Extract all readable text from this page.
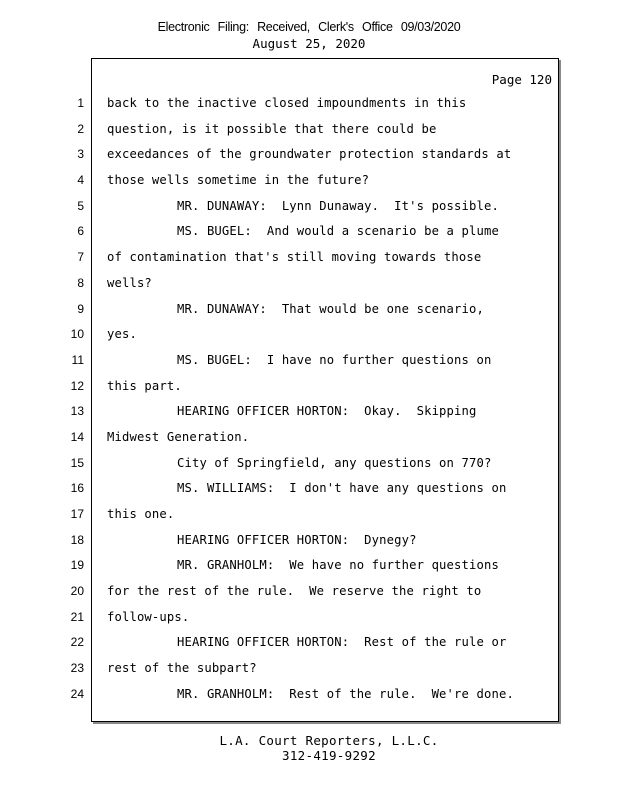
Electronic Filing: Received, Clerk's Office 09/03/2020
August 25, 2020
Page 120
1
2
3
4
5
6
7
8
9
10
11
12
13
14
15
16
17
18
19
20
21
22
23
24
back to the inactive closed impoundments in this
question, is it possible that there could be
exceedances of the groundwater protection standards at
those wells sometime in the future?
MR. DUNAWAY:  Lynn Dunaway.  It's possible.
MS. BUGEL:  And would a scenario be a plume
of contamination that's still moving towards those
wells?
MR. DUNAWAY:  That would be one scenario,
yes.
MS. BUGEL:  I have no further questions on
this part.
HEARING OFFICER HORTON:  Okay.  Skipping
Midwest Generation.
City of Springfield, any questions on 770?
MS. WILLIAMS:  I don't have any questions on
this one.
HEARING OFFICER HORTON:  Dynegy?
MR. GRANHOLM:  We have no further questions
for the rest of the rule.  We reserve the right to
follow-ups.
HEARING OFFICER HORTON:  Rest of the rule or
rest of the subpart?
MR. GRANHOLM:  Rest of the rule.  We're done.
L.A. Court Reporters, L.L.C.
312-419-9292
